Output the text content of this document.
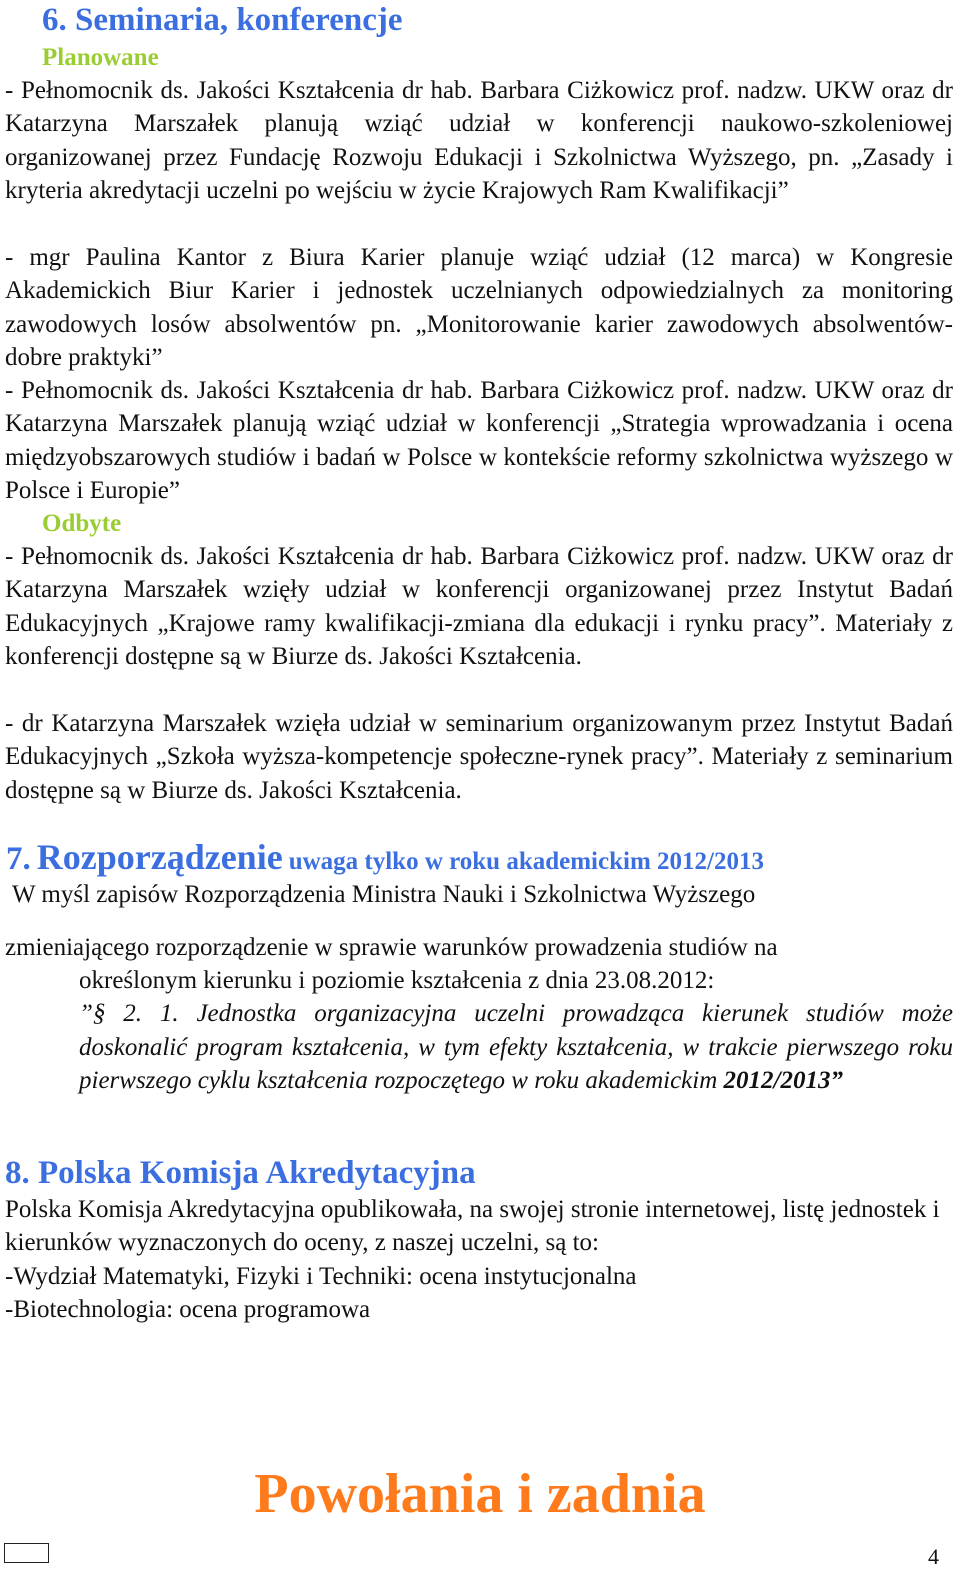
6. Seminaria, konferencje
Planowane

- Pełnomocnik ds. Jakości Kształcenia dr hab. Barbara Ciżkowicz prof. nadzw. UKW oraz dr Katarzyna Marszałek planują wziąć udział w konferencji naukowo-szkoleniowej organizowanej przez Fundację Rozwoju Edukacji i Szkolnictwa Wyższego, pn. „Zasady i kryteria akredytacji uczelni po wejściu w życie Krajowych Ram Kwalifikacji”

- mgr Paulina Kantor z Biura Karier planuje wziąć udział (12 marca) w Kongresie Akademickich Biur Karier i jednostek uczelnianych odpowiedzialnych za monitoring zawodowych losów absolwentów pn. „Monitorowanie karier zawodowych absolwentów-dobre praktyki”

- Pełnomocnik ds. Jakości Kształcenia dr hab. Barbara Ciżkowicz prof. nadzw. UKW oraz dr Katarzyna Marszałek planują wziąć udział w konferencji „Strategia wprowadzania i ocena międzyobszarowych studiów i badań w Polsce w kontekście reformy szkolnictwa wyższego w Polsce i Europie”

Odbyte

- Pełnomocnik ds. Jakości Kształcenia dr hab. Barbara Ciżkowicz prof. nadzw. UKW oraz dr Katarzyna Marszałek wzięły udział w konferencji organizowanej przez Instytut Badań Edukacyjnych „Krajowe ramy kwalifikacji-zmiana dla edukacji i rynku pracy”. Materiały z konferencji dostępne są w Biurze ds. Jakości Kształcenia.

- dr Katarzyna Marszałek wzięła udział w seminarium organizowanym przez Instytut Badań Edukacyjnych „Szkoła wyższa-kompetencje społeczne-rynek pracy”. Materiały z seminarium dostępne są w Biurze ds. Jakości Kształcenia.

7. Rozporządzenie uwaga tylko w roku akademickim 2012/2013

W myśl zapisów Rozporządzenia Ministra Nauki i Szkolnictwa Wyższego

zmieniającego rozporządzenie w sprawie warunków prowadzenia studiów na

określonym kierunku i poziomie kształcenia z dnia 23.08.2012:
”§ 2. 1. Jednostka organizacyjna uczelni prowadząca kierunek studiów może doskonalić program kształcenia, w tym efekty kształcenia, w trakcie pierwszego roku pierwszego cyklu kształcenia rozpoczętego w roku akademickim 2012/2013”
8. Polska Komisja Akredytacyjna
Polska Komisja Akredytacyjna opublikowała, na swojej stronie internetowej, listę jednostek i kierunków wyznaczonych do oceny, z naszej uczelni, są to:
-Wydział Matematyki, Fizyki i Techniki: ocena instytucjonalna
-Biotechnologia: ocena programowa
Powołania i zadnia
4
